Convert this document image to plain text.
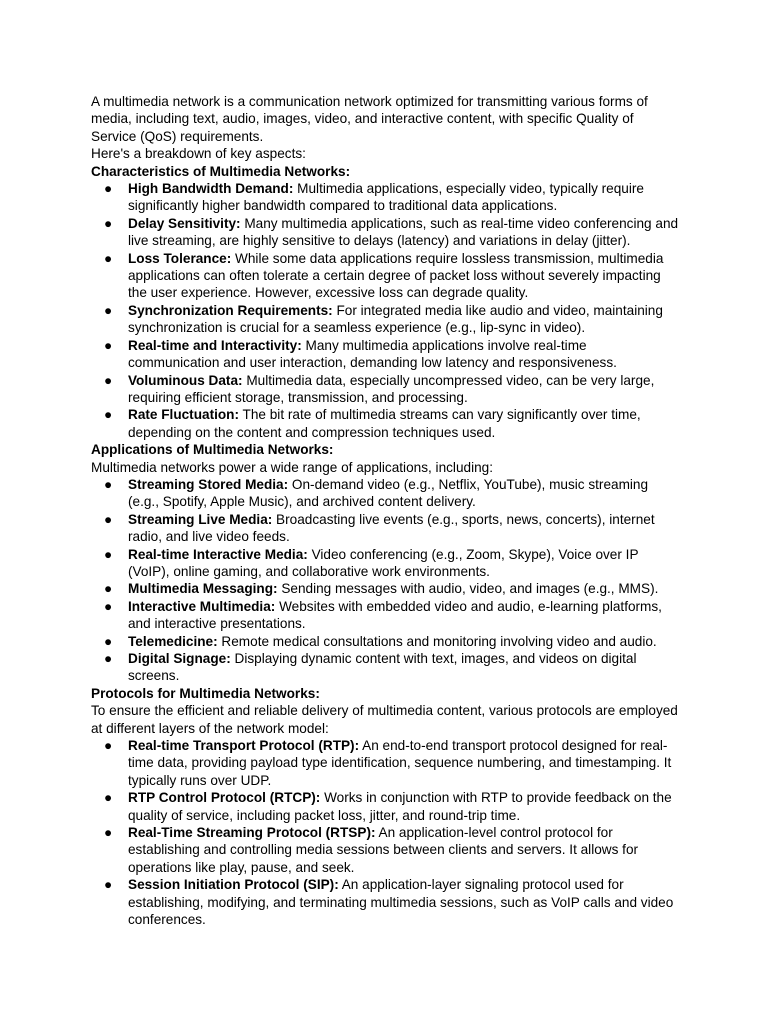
A multimedia network is a communication network optimized for transmitting various forms of media, including text, audio, images, video, and interactive content, with specific Quality of Service (QoS) requirements.

Here's a breakdown of key aspects:

Characteristics of Multimedia Networks:

● High Bandwidth Demand: Multimedia applications, especially video, typically require significantly higher bandwidth compared to traditional data applications.
● Delay Sensitivity: Many multimedia applications, such as real-time video conferencing and live streaming, are highly sensitive to delays (latency) and variations in delay (jitter).
● Loss Tolerance: While some data applications require lossless transmission, multimedia applications can often tolerate a certain degree of packet loss without severely impacting the user experience. However, excessive loss can degrade quality.
● Synchronization Requirements: For integrated media like audio and video, maintaining synchronization is crucial for a seamless experience (e.g., lip-sync in video).
● Real-time and Interactivity: Many multimedia applications involve real-time communication and user interaction, demanding low latency and responsiveness.
● Voluminous Data: Multimedia data, especially uncompressed video, can be very large, requiring efficient storage, transmission, and processing.
● Rate Fluctuation: The bit rate of multimedia streams can vary significantly over time, depending on the content and compression techniques used.

Applications of Multimedia Networks:

Multimedia networks power a wide range of applications, including:

● Streaming Stored Media: On-demand video (e.g., Netflix, YouTube), music streaming (e.g., Spotify, Apple Music), and archived content delivery.
● Streaming Live Media: Broadcasting live events (e.g., sports, news, concerts), internet radio, and live video feeds.
● Real-time Interactive Media: Video conferencing (e.g., Zoom, Skype), Voice over IP (VoIP), online gaming, and collaborative work environments.
● Multimedia Messaging: Sending messages with audio, video, and images (e.g., MMS).
● Interactive Multimedia: Websites with embedded video and audio, e-learning platforms, and interactive presentations.
● Telemedicine: Remote medical consultations and monitoring involving video and audio.
● Digital Signage: Displaying dynamic content with text, images, and videos on digital screens.

Protocols for Multimedia Networks:

To ensure the efficient and reliable delivery of multimedia content, various protocols are employed at different layers of the network model:

● Real-time Transport Protocol (RTP): An end-to-end transport protocol designed for real-time data, providing payload type identification, sequence numbering, and timestamping. It typically runs over UDP.
● RTP Control Protocol (RTCP): Works in conjunction with RTP to provide feedback on the quality of service, including packet loss, jitter, and round-trip time.
● Real-Time Streaming Protocol (RTSP): An application-level control protocol for establishing and controlling media sessions between clients and servers. It allows for operations like play, pause, and seek.
● Session Initiation Protocol (SIP): An application-layer signaling protocol used for establishing, modifying, and terminating multimedia sessions, such as VoIP calls and video conferences.
